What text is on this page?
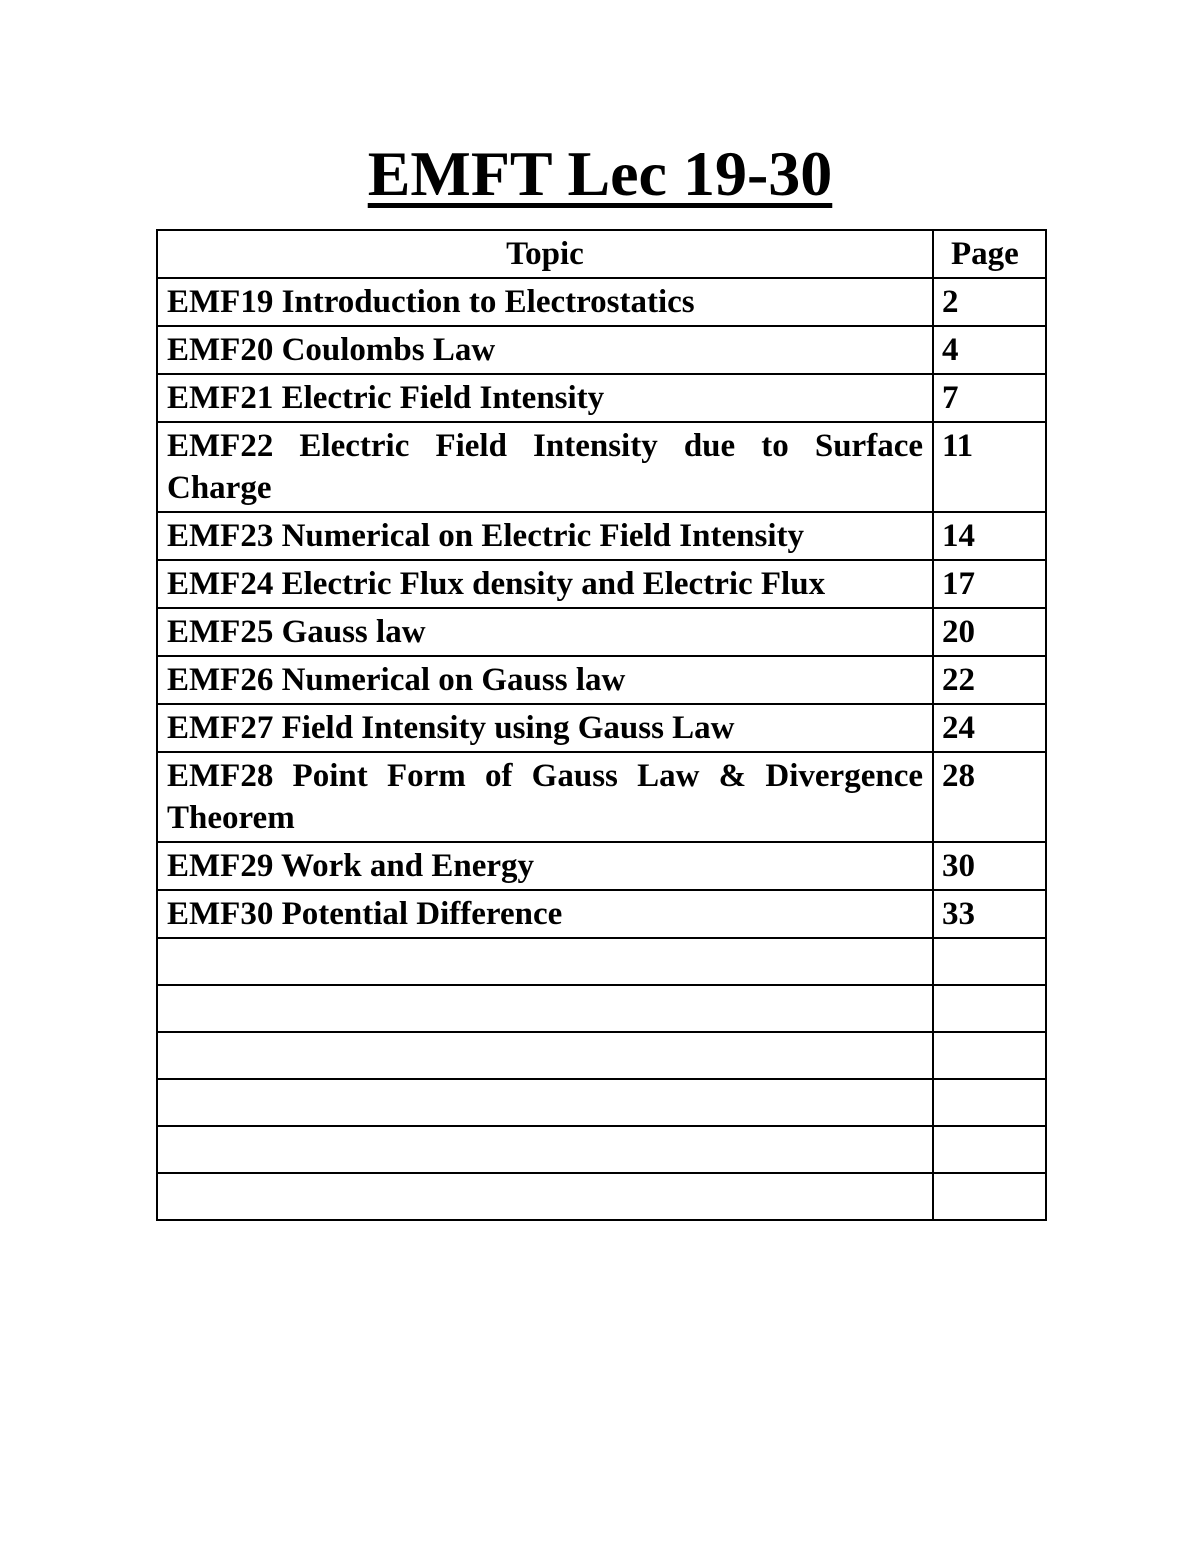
EMFT Lec 19-30
Topic	Page
EMF19 Introduction to Electrostatics	2
EMF20 Coulombs Law	4
EMF21 Electric Field Intensity	7
EMF22 Electric Field Intensity due to Surface Charge	11
EMF23 Numerical on Electric Field Intensity	14
EMF24 Electric Flux density and Electric Flux	17
EMF25 Gauss law	20
EMF26 Numerical on Gauss law	22
EMF27 Field Intensity using Gauss Law	24
EMF28 Point Form of Gauss Law & Divergence Theorem	28
EMF29 Work and Energy	30
EMF30 Potential Difference	33
